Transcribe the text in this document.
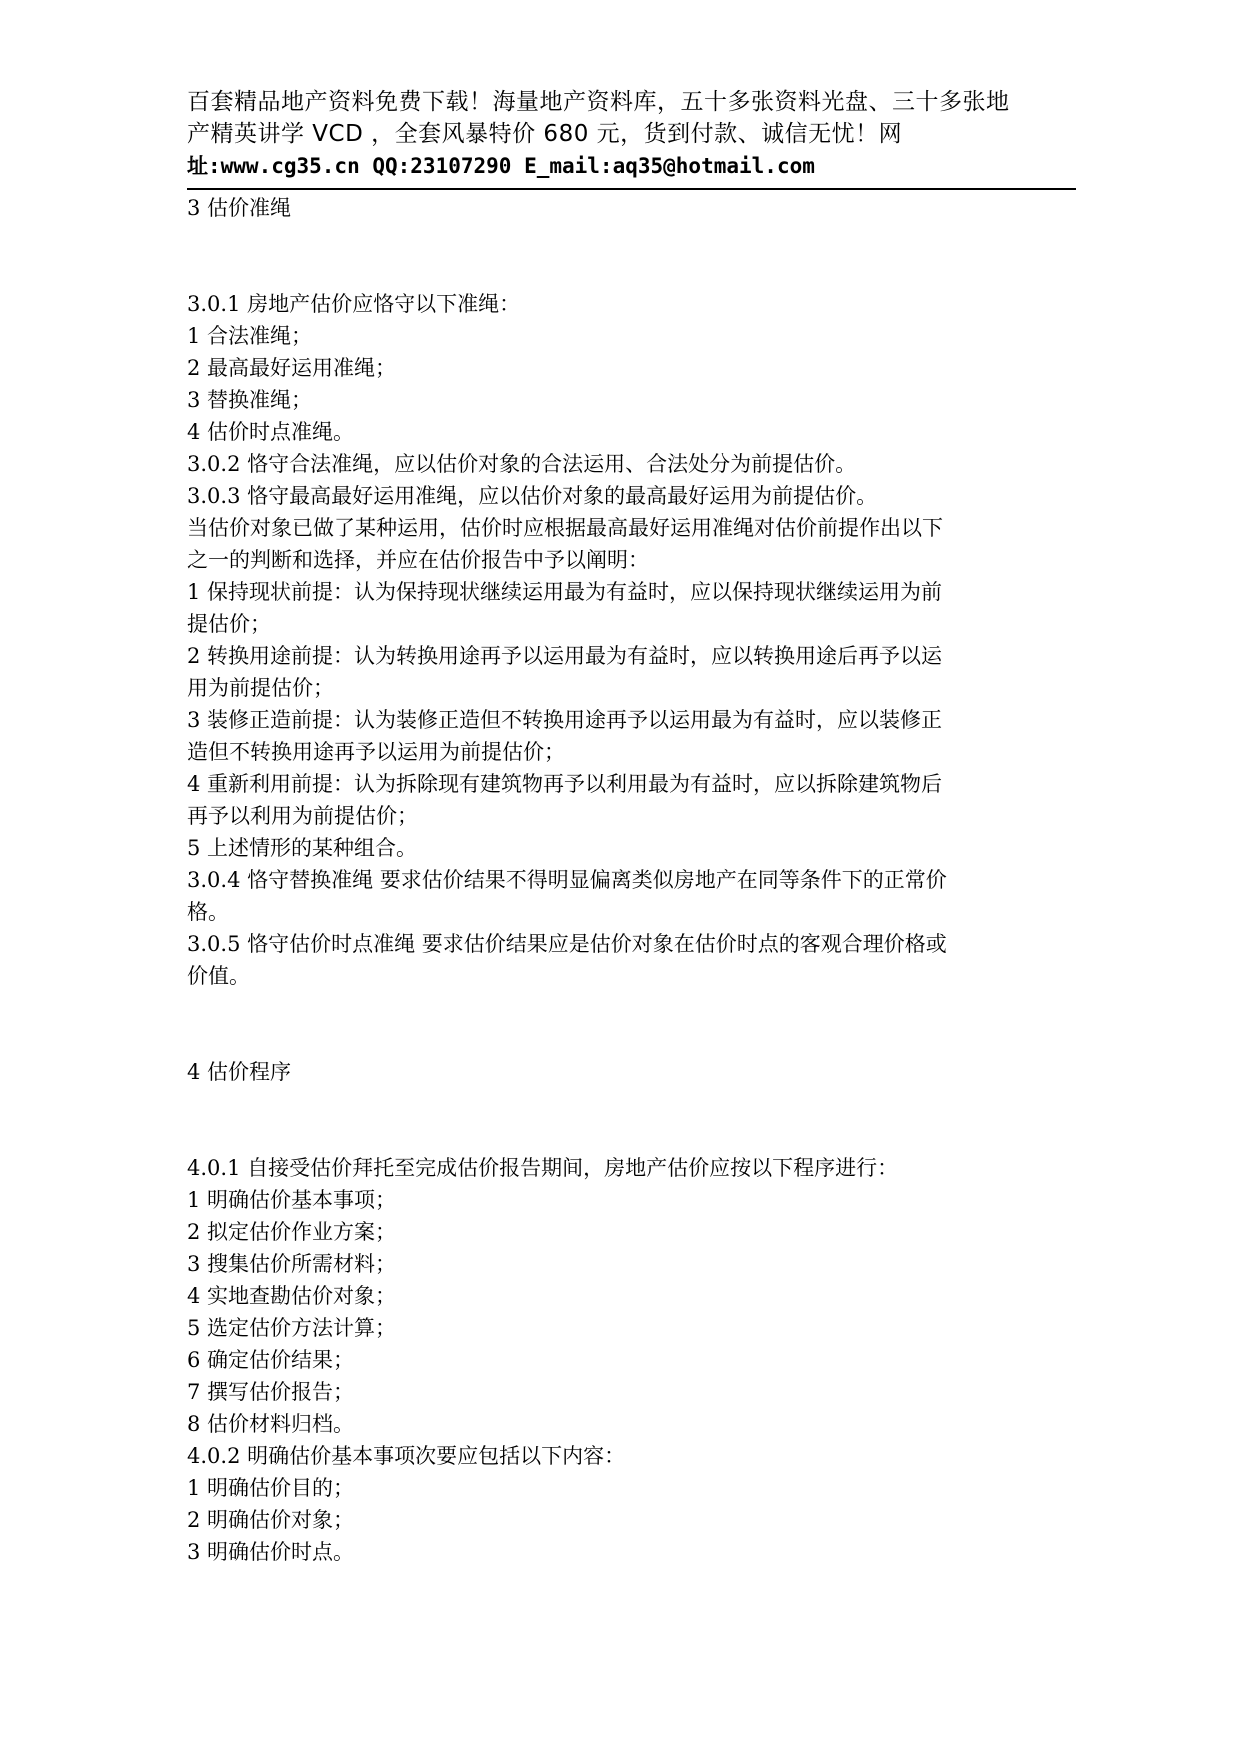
百套精品地产资料免费下载！海量地产资料库，五十多张资料光盘、三十多张地
产精英讲学 VCD ，全套风暴特价 680 元，货到付款、诚信无忧！网
址:www.cg35.cn QQ:23107290 E_mail:aq35@hotmail.com
3 估价准绳
3.0.1 房地产估价应恪守以下准绳：
1 合法准绳；
2 最高最好运用准绳；
3 替换准绳；
4 估价时点准绳。
3.0.2 恪守合法准绳，应以估价对象的合法运用、合法处分为前提估价。
3.0.3 恪守最高最好运用准绳，应以估价对象的最高最好运用为前提估价。
当估价对象已做了某种运用，估价时应根据最高最好运用准绳对估价前提作出以下
之一的判断和选择，并应在估价报告中予以阐明：
1 保持现状前提：认为保持现状继续运用最为有益时，应以保持现状继续运用为前
提估价；
2 转换用途前提：认为转换用途再予以运用最为有益时，应以转换用途后再予以运
用为前提估价；
3 装修正造前提：认为装修正造但不转换用途再予以运用最为有益时，应以装修正
造但不转换用途再予以运用为前提估价；
4 重新利用前提：认为拆除现有建筑物再予以利用最为有益时，应以拆除建筑物后
再予以利用为前提估价；
5 上述情形的某种组合。
3.0.4 恪守替换准绳 要求估价结果不得明显偏离类似房地产在同等条件下的正常价
格。
3.0.5 恪守估价时点准绳 要求估价结果应是估价对象在估价时点的客观合理价格或
价值。
4 估价程序
4.0.1 自接受估价拜托至完成估价报告期间，房地产估价应按以下程序进行：
1 明确估价基本事项；
2 拟定估价作业方案；
3 搜集估价所需材料；
4 实地查勘估价对象；
5 选定估价方法计算；
6 确定估价结果；
7 撰写估价报告；
8 估价材料归档。
4.0.2 明确估价基本事项次要应包括以下内容：
1 明确估价目的；
2 明确估价对象；
3 明确估价时点。
